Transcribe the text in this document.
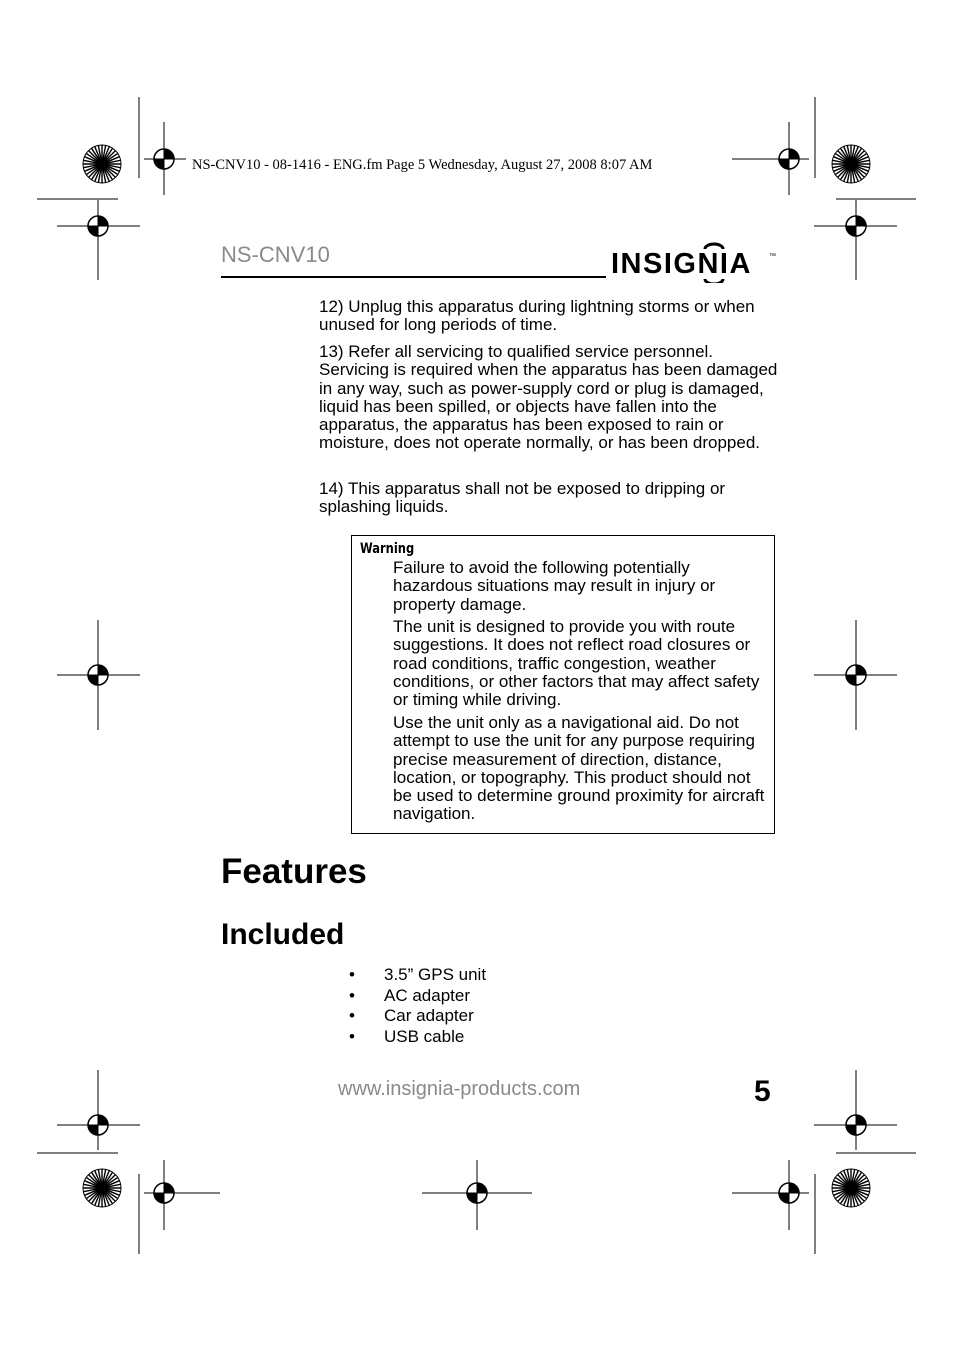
NS-CNV10 - 08-1416 - ENG.fm Page 5 Wednesday, August 27, 2008 8:07 AM
NS-CNV10	INSIGNIA ™
12) Unplug this apparatus during lightning storms or when unused for long periods of time.
13) Refer all servicing to qualified service personnel. Servicing is required when the apparatus has been damaged in any way, such as power-supply cord or plug is damaged, liquid has been spilled, or objects have fallen into the apparatus, the apparatus has been exposed to rain or moisture, does not operate normally, or has been dropped.
14) This apparatus shall not be exposed to dripping or splashing liquids.
Warning
Failure to avoid the following potentially hazardous situations may result in injury or property damage.
The unit is designed to provide you with route suggestions. It does not reflect road closures or road conditions, traffic congestion, weather conditions, or other factors that may affect safety or timing while driving.
Use the unit only as a navigational aid. Do not attempt to use the unit for any purpose requiring precise measurement of direction, distance, location, or topography. This product should not be used to determine ground proximity for aircraft navigation.
Features
Included
•	3.5” GPS unit
•	AC adapter
•	Car adapter
•	USB cable
www.insignia-products.com	5
